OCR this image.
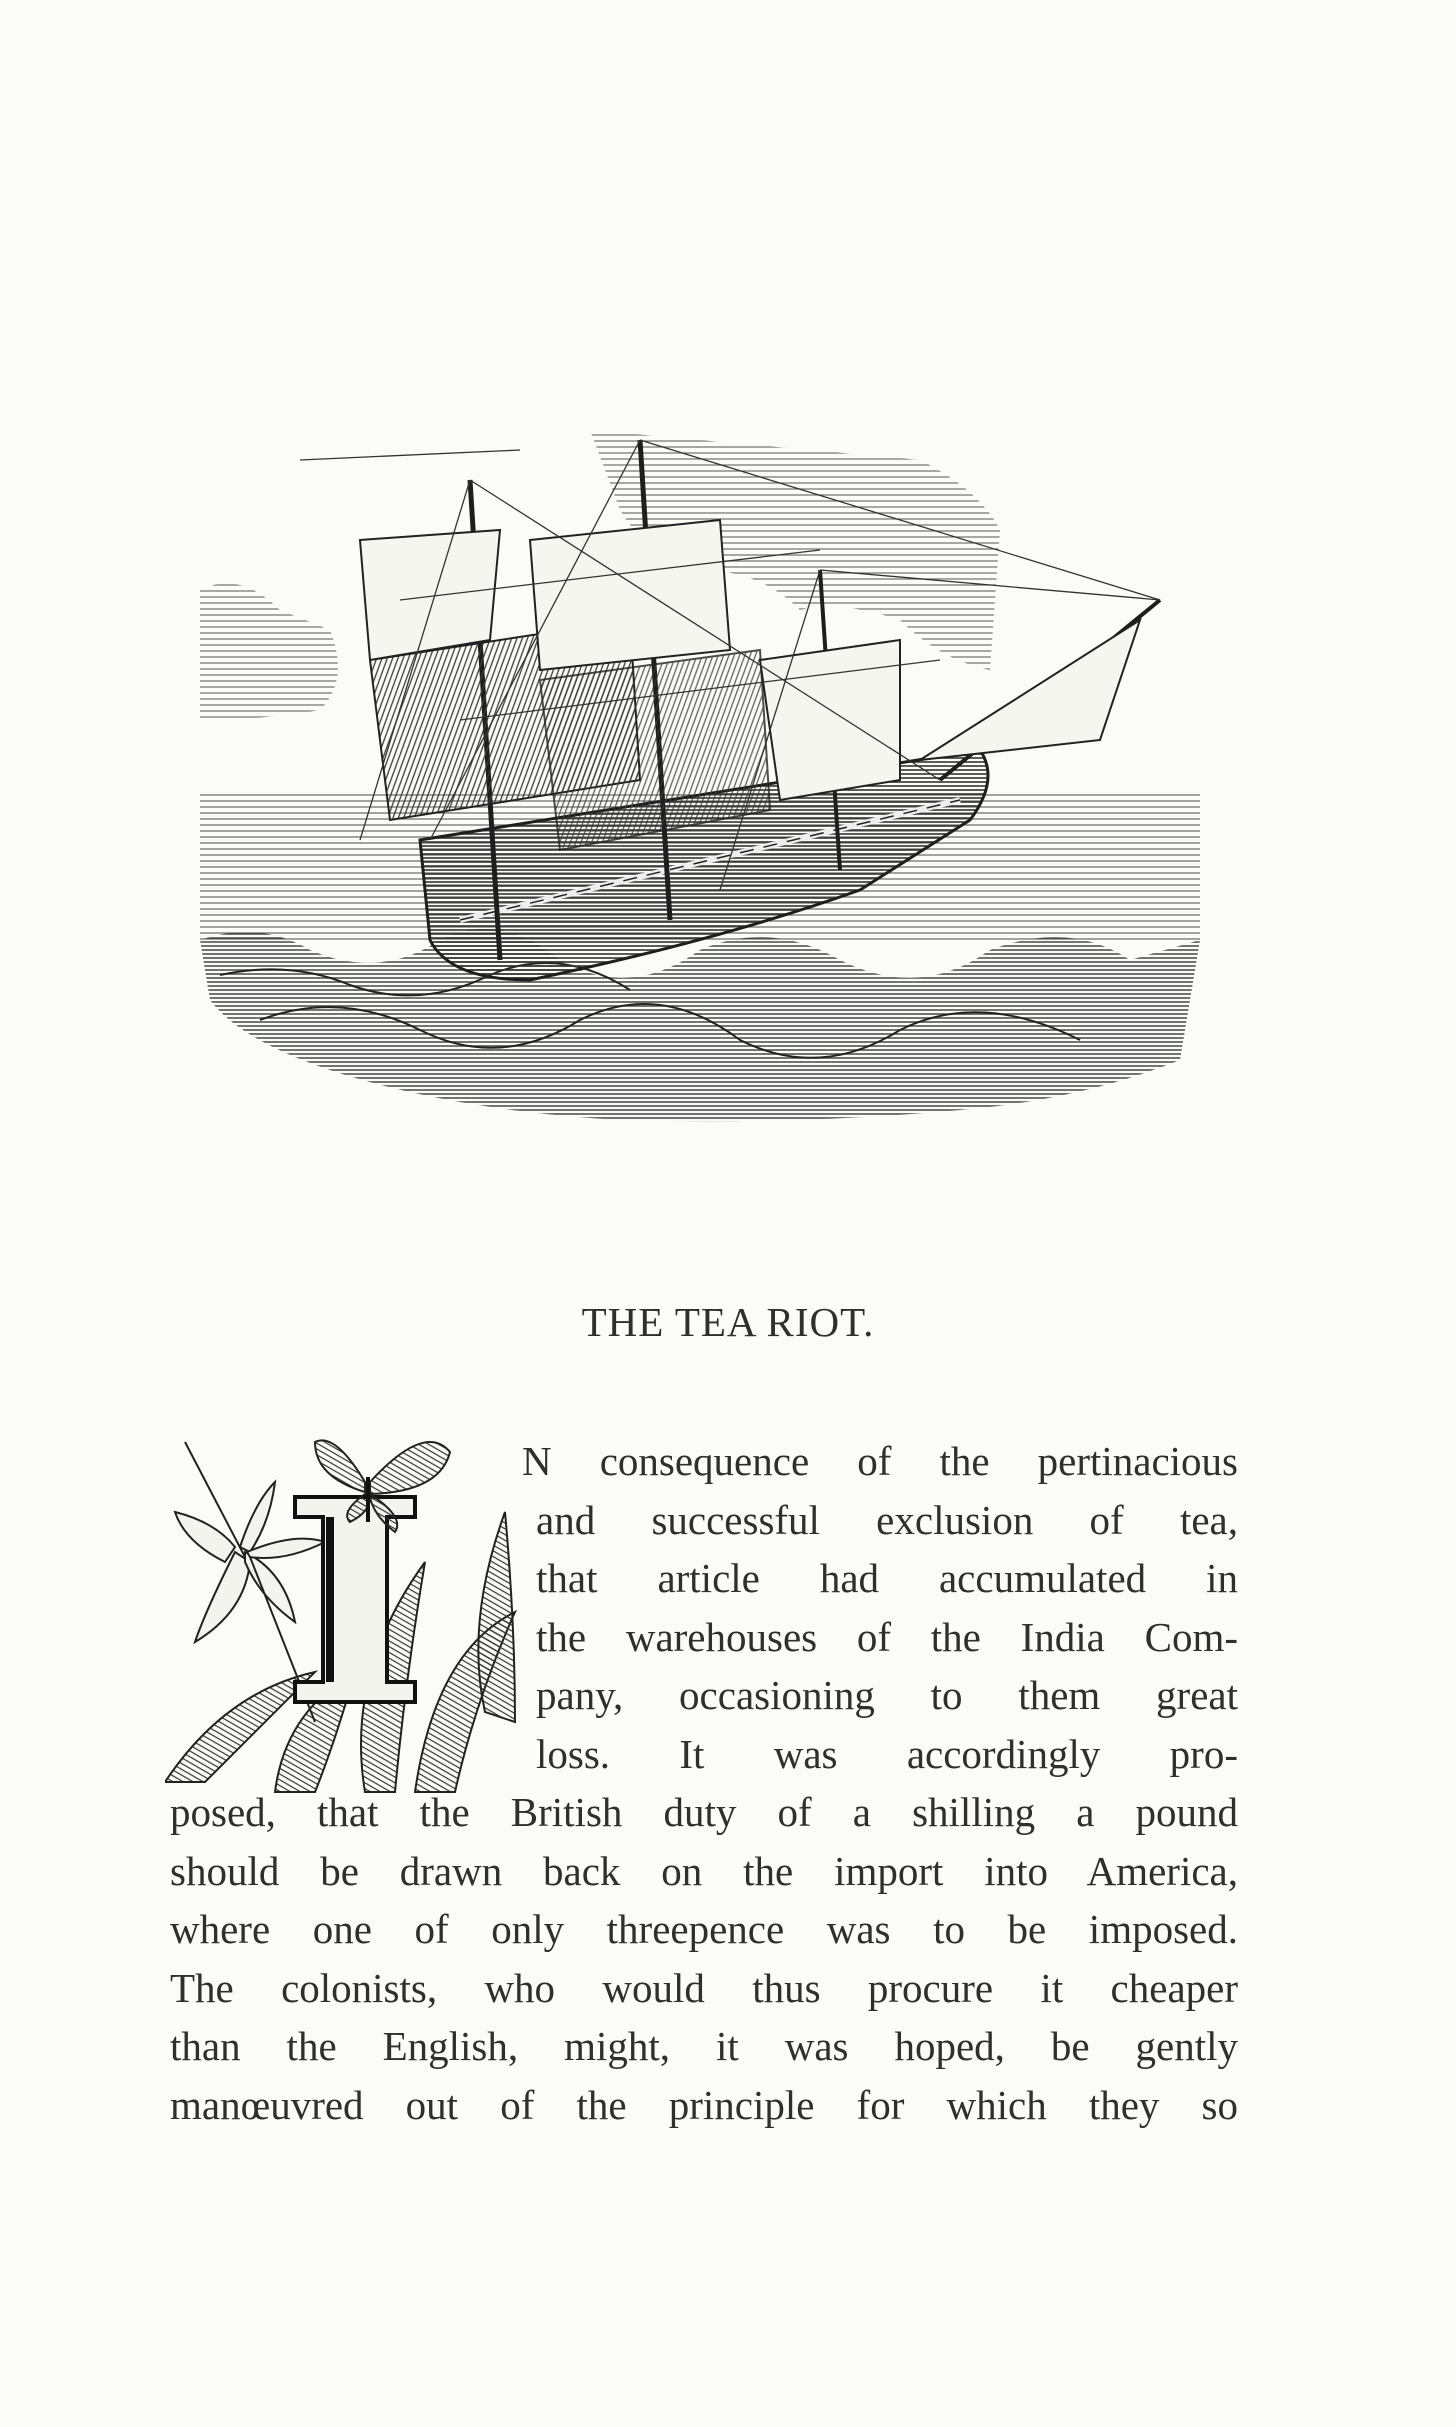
THE TEA RIOT.
N consequence of the pertinacious
and successful exclusion of tea,
that article had accumulated in
the warehouses of the India Com-
pany, occasioning to them great
loss. It was accordingly pro-
posed, that the British duty of a shilling a pound
should be drawn back on the import into America,
where one of only threepence was to be imposed.
The colonists, who would thus procure it cheaper
than the English, might, it was hoped, be gently
manœuvred out of the principle for which they so
